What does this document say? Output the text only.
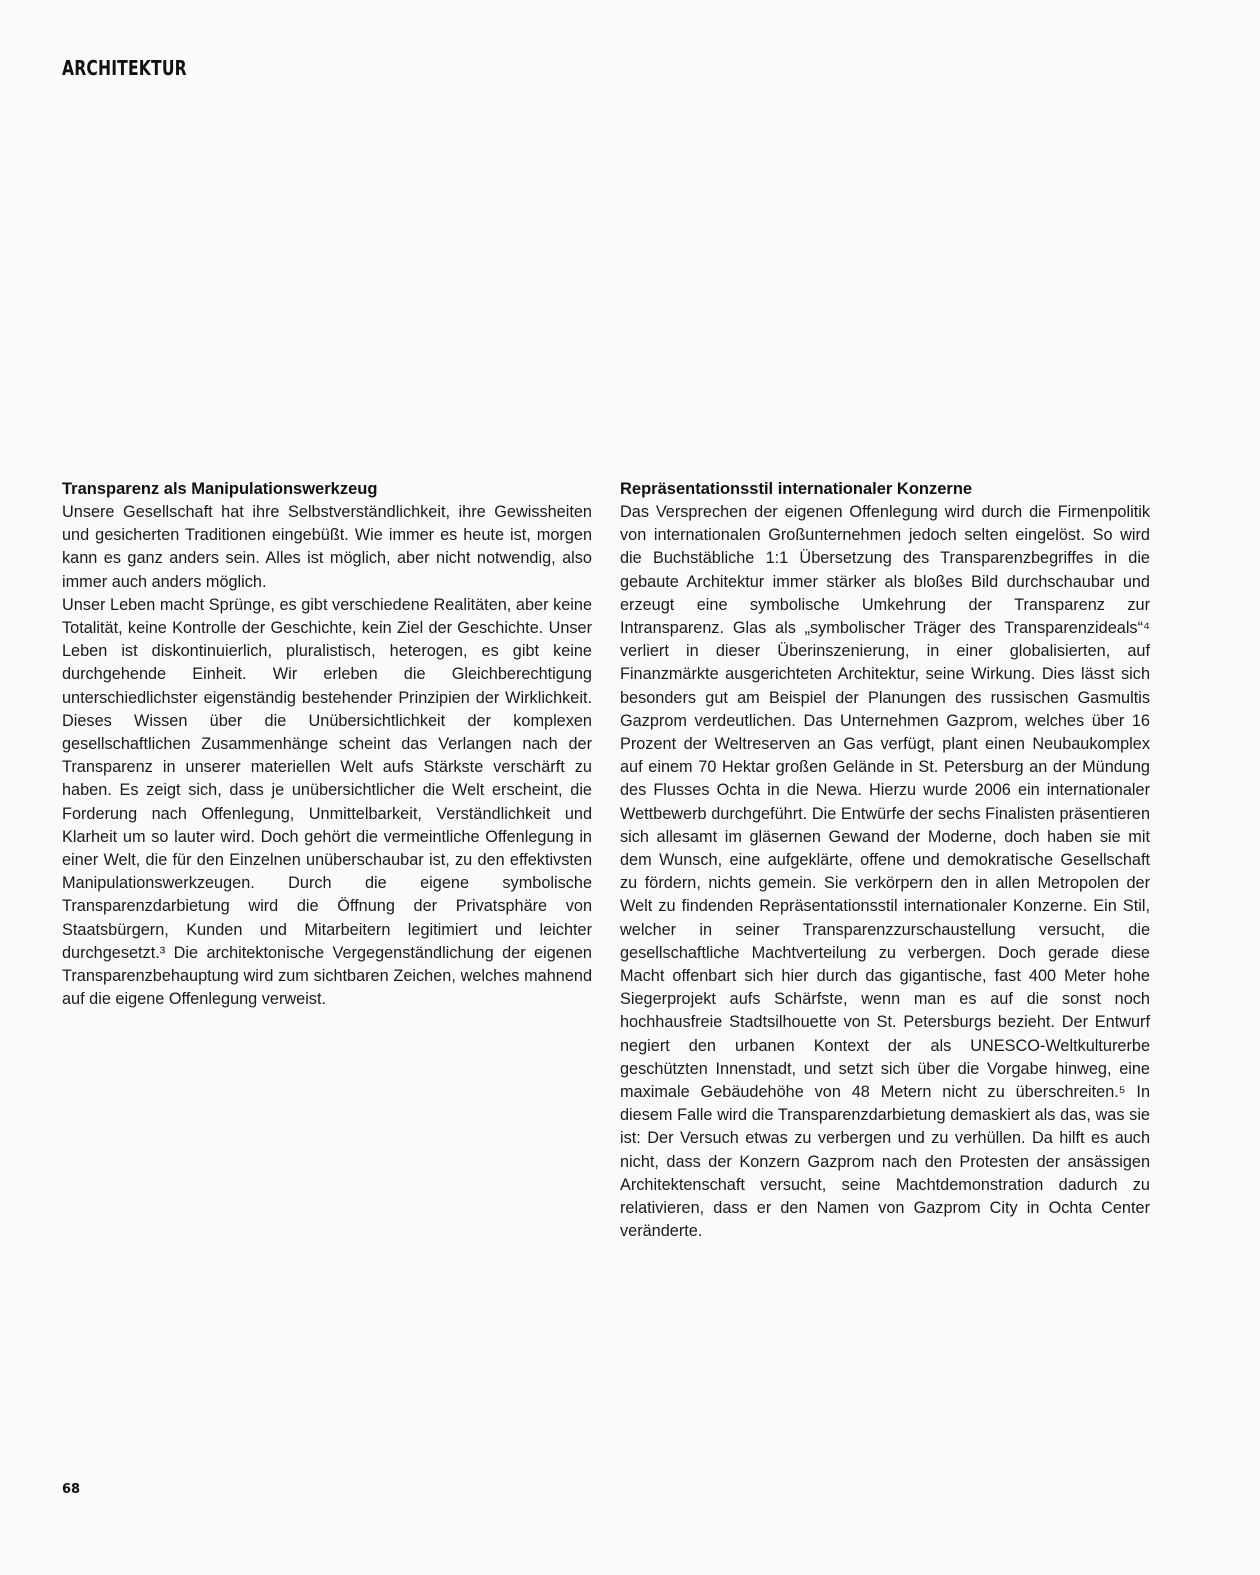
ARCHITEKTUR
Transparenz als Manipulationswerkzeug

Unsere Gesellschaft hat ihre Selbstverständlichkeit, ihre Gewissheiten und gesicherten Traditionen eingebüßt. Wie immer es heute ist, morgen kann es ganz anders sein. Alles ist möglich, aber nicht notwendig, also immer auch anders möglich.

Unser Leben macht Sprünge, es gibt verschiedene Realitäten, aber keine Totalität, keine Kontrolle der Geschichte, kein Ziel der Geschichte. Unser Leben ist diskontinuierlich, pluralistisch, heterogen, es gibt keine durchgehende Einheit. Wir erleben die Gleichberechtigung unterschiedlichster eigenständig bestehender Prinzipien der Wirklichkeit. Dieses Wissen über die Unübersichtlichkeit der komplexen gesellschaftlichen Zusammenhänge scheint das Verlangen nach der Transparenz in unserer materiellen Welt aufs Stärkste verschärft zu haben. Es zeigt sich, dass je unübersichtlicher die Welt erscheint, die Forderung nach Offenlegung, Unmittelbarkeit, Verständlichkeit und Klarheit um so lauter wird. Doch gehört die vermeintliche Offenlegung in einer Welt, die für den Einzelnen unüberschaubar ist, zu den effektivsten Manipulationswerkzeugen. Durch die eigene symbolische Transparenzdarbietung wird die Öffnung der Privatsphäre von Staatsbürgern, Kunden und Mitarbeitern legitimiert und leichter durchgesetzt.³ Die architektonische Vergegenständlichung der eigenen Transparenzbehauptung wird zum sichtbaren Zeichen, welches mahnend auf die eigene Offenlegung verweist.

Repräsentationsstil internationaler Konzerne

Das Versprechen der eigenen Offenlegung wird durch die Firmenpolitik von internationalen Großunternehmen jedoch selten eingelöst. So wird die Buchstäbliche 1:1 Übersetzung des Transparenzbegriffes in die gebaute Architektur immer stärker als bloßes Bild durchschaubar und erzeugt eine symbolische Umkehrung der Transparenz zur Intransparenz. Glas als „symbolischer Träger des Transparenzideals“⁴ verliert in dieser Überinszenierung, in einer globalisierten, auf Finanzmärkte ausgerichteten Architektur, seine Wirkung. Dies lässt sich besonders gut am Beispiel der Planungen des russischen Gasmultis Gazprom verdeutlichen. Das Unternehmen Gazprom, welches über 16 Prozent der Weltreserven an Gas verfügt, plant einen Neubaukomplex auf einem 70 Hektar großen Gelände in St. Petersburg an der Mündung des Flusses Ochta in die Newa. Hierzu wurde 2006 ein internationaler Wettbewerb durchgeführt. Die Entwürfe der sechs Finalisten präsentieren sich allesamt im gläsernen Gewand der Moderne, doch haben sie mit dem Wunsch, eine aufgeklärte, offene und demokratische Gesellschaft zu fördern, nichts gemein. Sie verkörpern den in allen Metropolen der Welt zu findenden Repräsentationsstil internationaler Konzerne. Ein Stil, welcher in seiner Transparenzzurschaustellung versucht, die gesellschaftliche Machtverteilung zu verbergen. Doch gerade diese Macht offenbart sich hier durch das gigantische, fast 400 Meter hohe Siegerprojekt aufs Schärfste, wenn man es auf die sonst noch hochhausfreie Stadtsilhouette von St. Petersburgs bezieht. Der Entwurf negiert den urbanen Kontext der als UNESCO-Weltkulturerbe geschützten Innenstadt, und setzt sich über die Vorgabe hinweg, eine maximale Gebäudehöhe von 48 Metern nicht zu überschreiten.⁵ In diesem Falle wird die Transparenzdarbietung demaskiert als das, was sie ist: Der Versuch etwas zu verbergen und zu verhüllen. Da hilft es auch nicht, dass der Konzern Gazprom nach den Protesten der ansässigen Architektenschaft versucht, seine Machtdemonstration dadurch zu relativieren, dass er den Namen von Gazprom City in Ochta Center veränderte.

68
